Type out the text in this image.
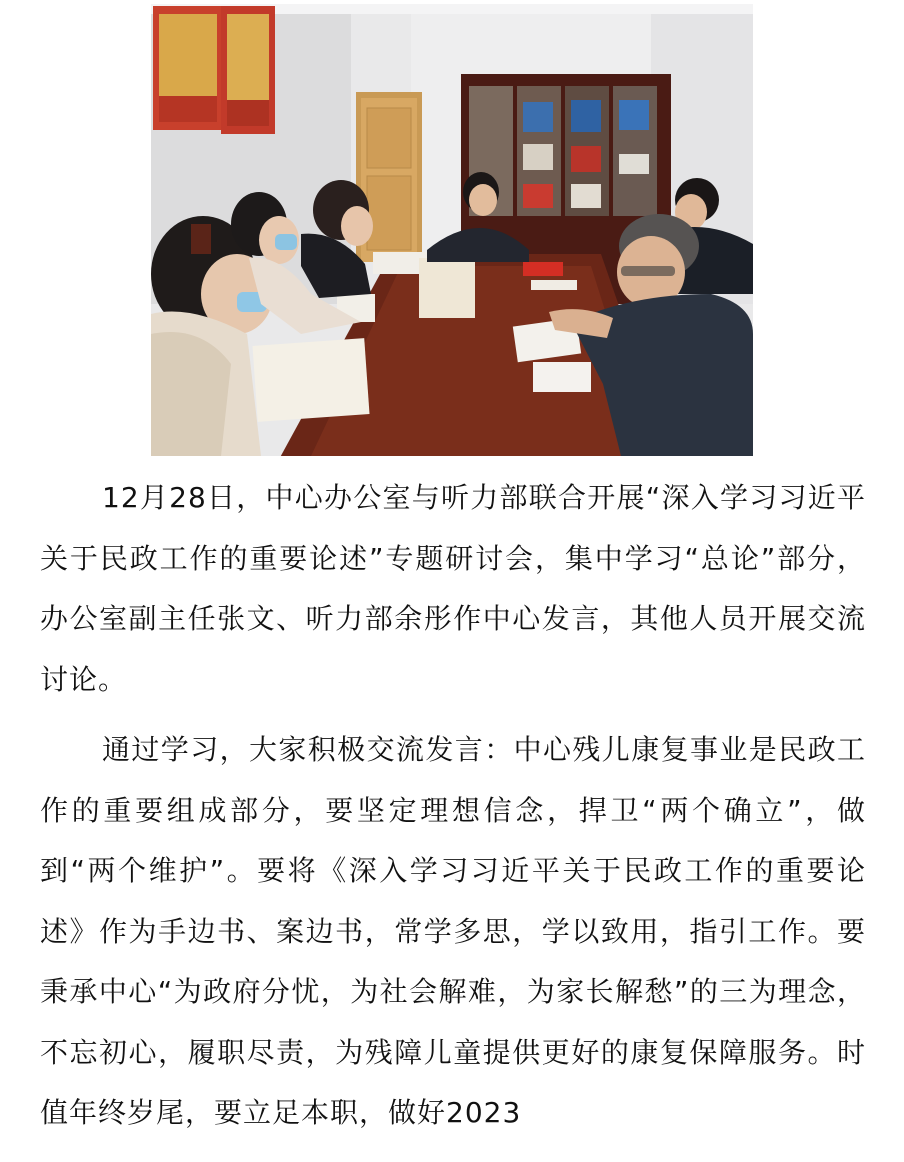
12月28日，中心办公室与听力部联合开展“深入学习习近平关于民政工作的重要论述”专题研讨会，集中学习“总论”部分，办公室副主任张文、听力部余彤作中心发言，其他人员开展交流讨论。

通过学习，大家积极交流发言：中心残儿康复事业是民政工作的重要组成部分，要坚定理想信念，捍卫“两个确立”，做到“两个维护”。要将《深入学习习近平关于民政工作的重要论述》作为手边书、案边书，常学多思，学以致用，指引工作。要秉承中心“为政府分忧，为社会解难，为家长解愁”的三为理念，不忘初心，履职尽责，为残障儿童提供更好的康复保障服务。时值年终岁尾，要立足本职，做好2023
